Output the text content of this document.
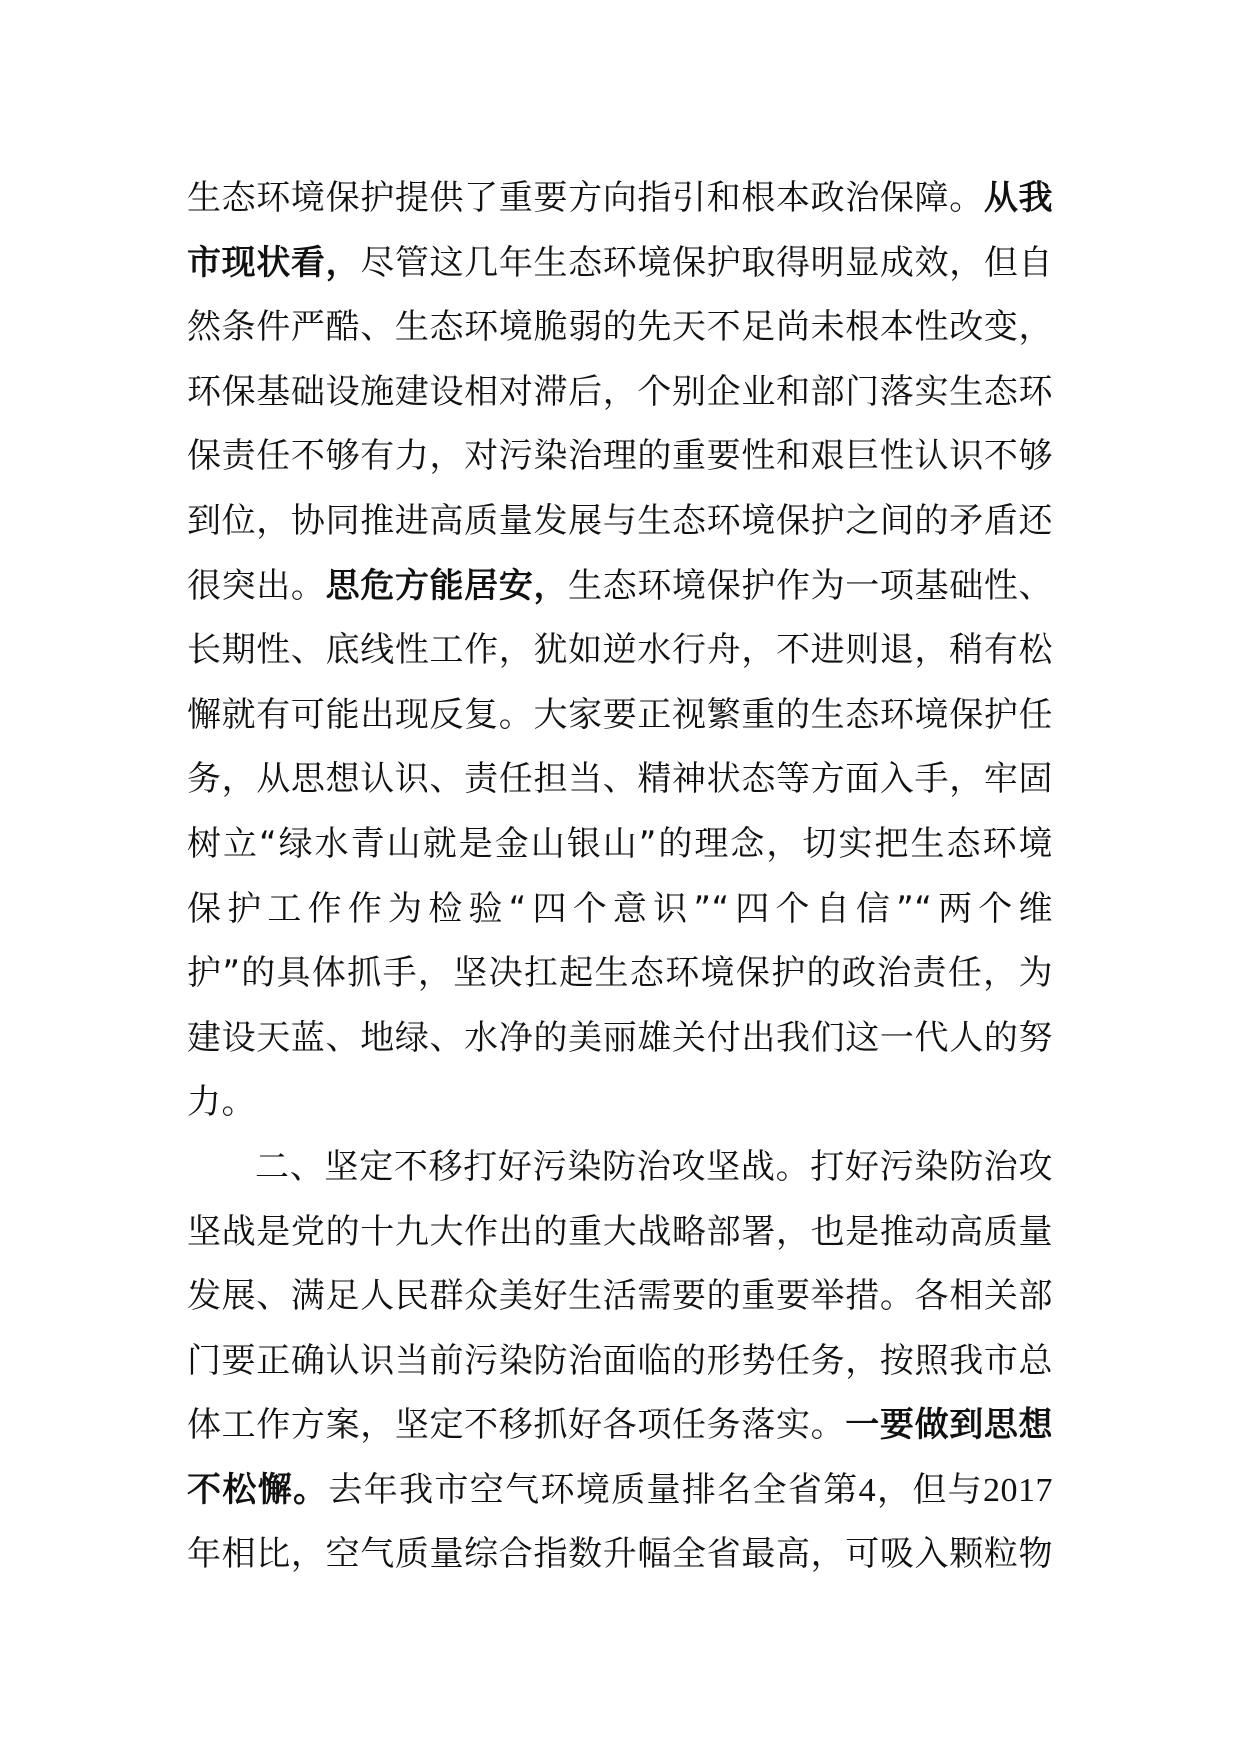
生态环境保护提供了重要方向指引和根本政治保障。从我
市现状看，尽管这几年生态环境保护取得明显成效，但自
然条件严酷、生态环境脆弱的先天不足尚未根本性改变，
环保基础设施建设相对滞后，个别企业和部门落实生态环
保责任不够有力，对污染治理的重要性和艰巨性认识不够
到位，协同推进高质量发展与生态环境保护之间的矛盾还
很突出。思危方能居安，生态环境保护作为一项基础性、
长期性、底线性工作，犹如逆水行舟，不进则退，稍有松
懈就有可能出现反复。大家要正视繁重的生态环境保护任
务，从思想认识、责任担当、精神状态等方面入手，牢固
树立“绿水青山就是金山银山”的理念，切实把生态环境
保护工作作为检验“四个意识”“四个自信”“两个维
护”的具体抓手，坚决扛起生态环境保护的政治责任，为
建设天蓝、地绿、水净的美丽雄关付出我们这一代人的努
力。
二、坚定不移打好污染防治攻坚战。打好污染防治攻
坚战是党的十九大作出的重大战略部署，也是推动高质量
发展、满足人民群众美好生活需要的重要举措。各相关部
门要正确认识当前污染防治面临的形势任务，按照我市总
体工作方案，坚定不移抓好各项任务落实。一要做到思想
不松懈。去年我市空气环境质量排名全省第4，但与2017
年相比，空气质量综合指数升幅全省最高，可吸入颗粒物
